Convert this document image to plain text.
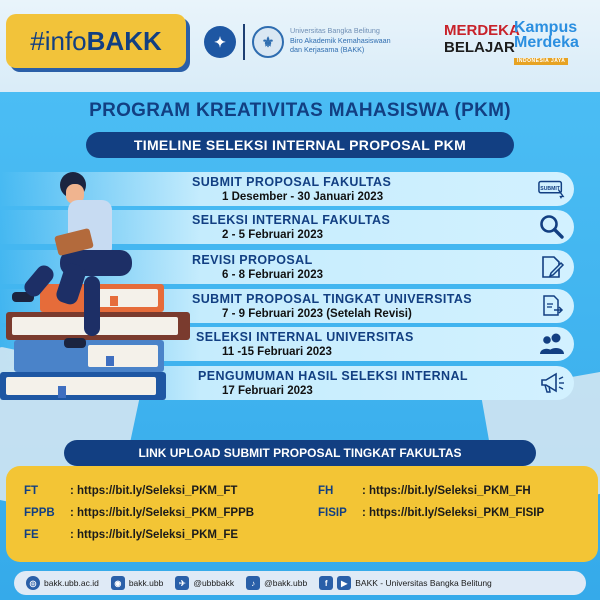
#info BAKK	✦	⚜
Universitas Bangka Belitung
Biro Akademik Kemahasiswaan
dan Kerjasama (BAKK)
MERDEKA
BELAJAR
Kampus
Merdeka
INDONESIA JAYA
PROGRAM KREATIVITAS MAHASISWA (PKM)
TIMELINE SELEKSI INTERNAL PROPOSAL PKM
SUBMIT PROPOSAL FAKULTAS
1 Desember - 30 Januari 2023
SUBMIT
SELEKSI INTERNAL FAKULTAS
2 - 5 Februari 2023
REVISI PROPOSAL
6 - 8 Februari 2023
SUBMIT PROPOSAL TINGKAT UNIVERSITAS
7 - 9 Februari 2023 (Setelah Revisi)
SELEKSI INTERNAL UNIVERSITAS
11 -15 Februari 2023
PENGUMUMAN HASIL SELEKSI INTERNAL
17 Februari 2023
LINK UPLOAD SUBMIT PROPOSAL TINGKAT FAKULTAS
FT	: https://bit.ly/Seleksi_PKM_FT
FPPB : https://bit.ly/Seleksi_PKM_FPPB
FE	: https://bit.ly/Seleksi_PKM_FE
FH : https://bit.ly/Seleksi_PKM_FH
FISIP : https://bit.ly/Seleksi_PKM_FISIP
◎ bakk.ubb.ac.id	◉ bakk.ubb	✈ @ubbbakk	♪	@bakk.ubb	f	▶ BAKK - Universitas Bangka Belitung
